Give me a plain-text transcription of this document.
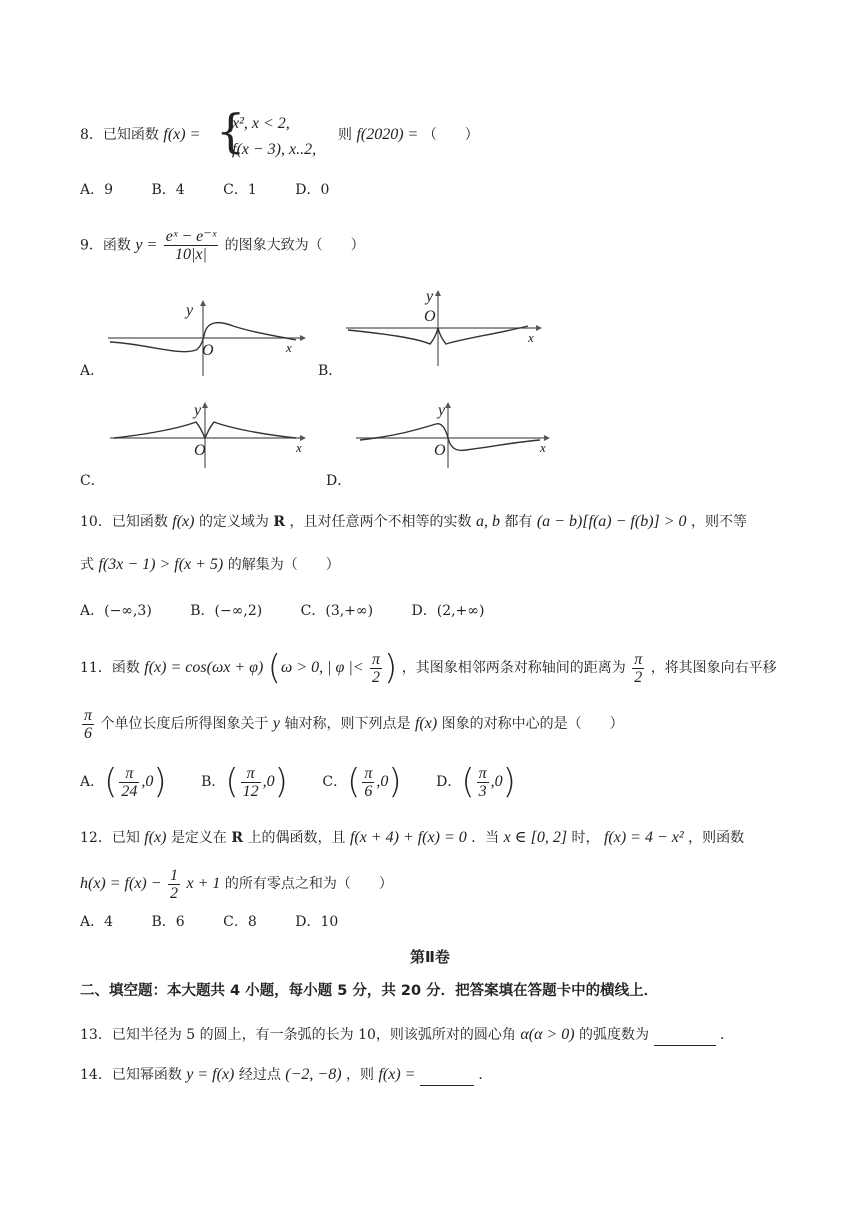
8．已知函数 f(x) = {
x², x < 2,
f(x − 3), x..2,
则 f(2020) = （　　）
A．9	B．4	C．1	D．0
9．函数 $y = \frac{\text{eˣ − e⁻ˣ}}{10|x|}$ 的图象大致为（　　）
y
O	x
A．
y
O
x
B．
y
O	x
C．
y
O	x
D．
10．已知函数 f(x) 的定义域为 R ，且对任意两个不相等的实数 a, b 都有 (a − b)[f(a) − f(b)] > 0 ，则不等
式 f(3x − 1) > f(x + 5) 的解集为（　　）
A．(−∞,3)	B．(−∞,2)	C．(3,+∞)	D．(2,+∞)
11．函数 f(x) = cos(ωx + φ) (ω > 0, | φ |< $\frac{\pi}{2}$ ) ，其图象相邻两条对称轴间的距离为 $\frac{\pi}{2}$ ，将其图象向右平移
$\frac{\pi}{6}$ 个单位长度后所得图象关于 y 轴对称，则下列点是 f(x) 图象的对称中心的是（　　）
A．( $\frac{\pi}{24} ,0$) B．( $\frac{\pi}{12} ,0$) C．( $\frac{\pi}{6} ,0$) D．( $\frac{\pi}{3} ,0$)
12．已知 f(x) 是定义在 R 上的偶函数，且 f(x + 4) + f(x) = 0 ．当 x ∈ [0, 2] 时， f(x) = 4 − x² ，则函数
$h(x) = f(x) - \frac{1}{2}$ x + 1 的所有零点之和为（　　）
A．4	B．6	C．8	D．10
第Ⅱ卷
二、填空题：本大题共 4 小题，每小题 5 分，共 20 分．把答案填在答题卡中的横线上．
13．已知半径为 5 的圆上，有一条弧的长为 10，则该弧所对的圆心角 α(α > 0) 的弧度数为	．
14．已知幂函数 y = f(x) 经过点 (−2, −8) ，则 f(x) =	．
